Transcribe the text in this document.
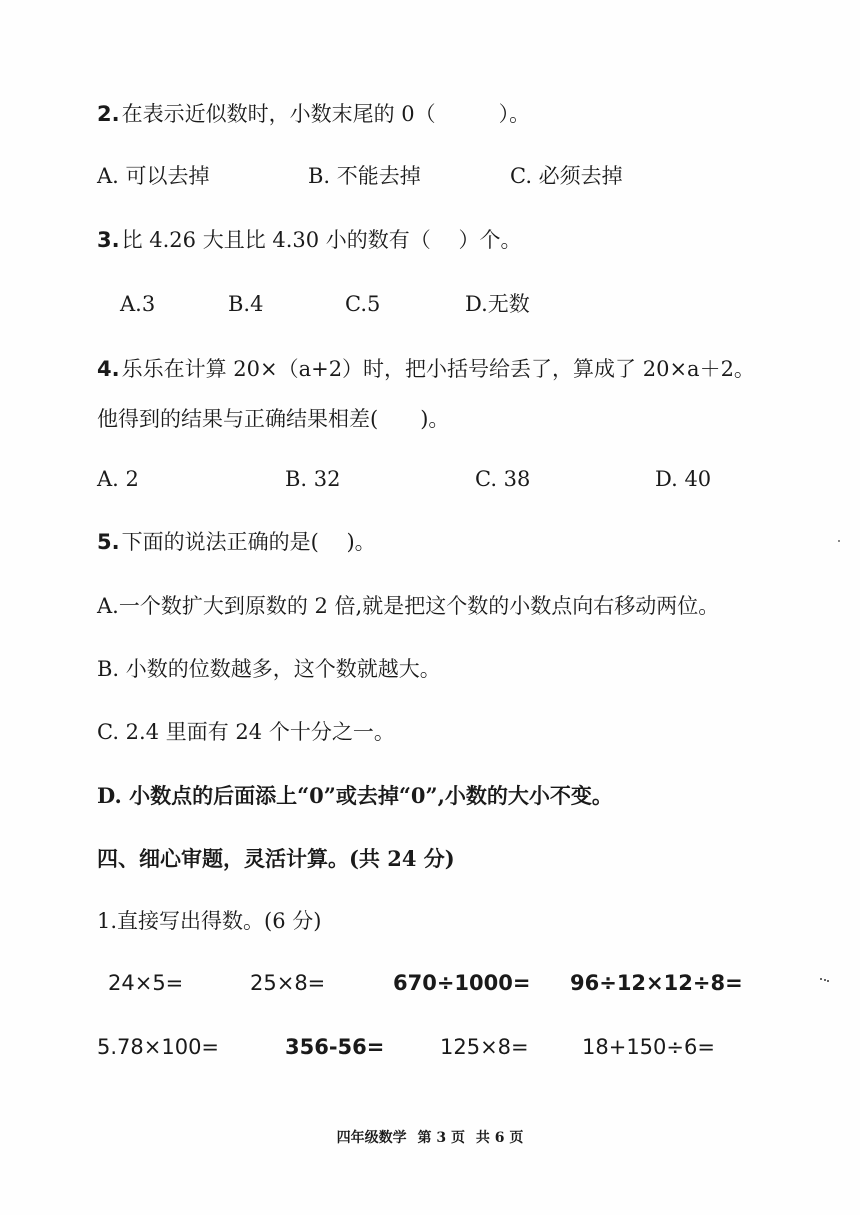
2.在表示近似数时，小数末尾的 0（　　　）。
A. 可以去掉	B. 不能去掉	C. 必须去掉
3.比 4.26 大且比 4.30 小的数有（　 ）个。
A.3	B.4	C.5	D.无数
4.乐乐在计算 20×（a+2）时，把小括号给丢了，算成了 20×a＋2。
他得到的结果与正确结果相差(　　)。
A. 2	B. 32	C. 38	D. 40
5.下面的说法正确的是(　 )。
A.一个数扩大到原数的 2 倍,就是把这个数的小数点向右移动两位。
B. 小数的位数越多，这个数就越大。
C. 2.4 里面有 24 个十分之一。
D. 小数点的后面添上“0”或去掉“0”,小数的大小不变。
四、细心审题，灵活计算。(共 24 分)
1.直接写出得数。(6 分)
24×5=	25×8=	670÷1000= 96÷12×12÷8=
5.78×100=	356-56=	125×8=	18+150÷6=
四年级数学 第 3 页 共 6 页
